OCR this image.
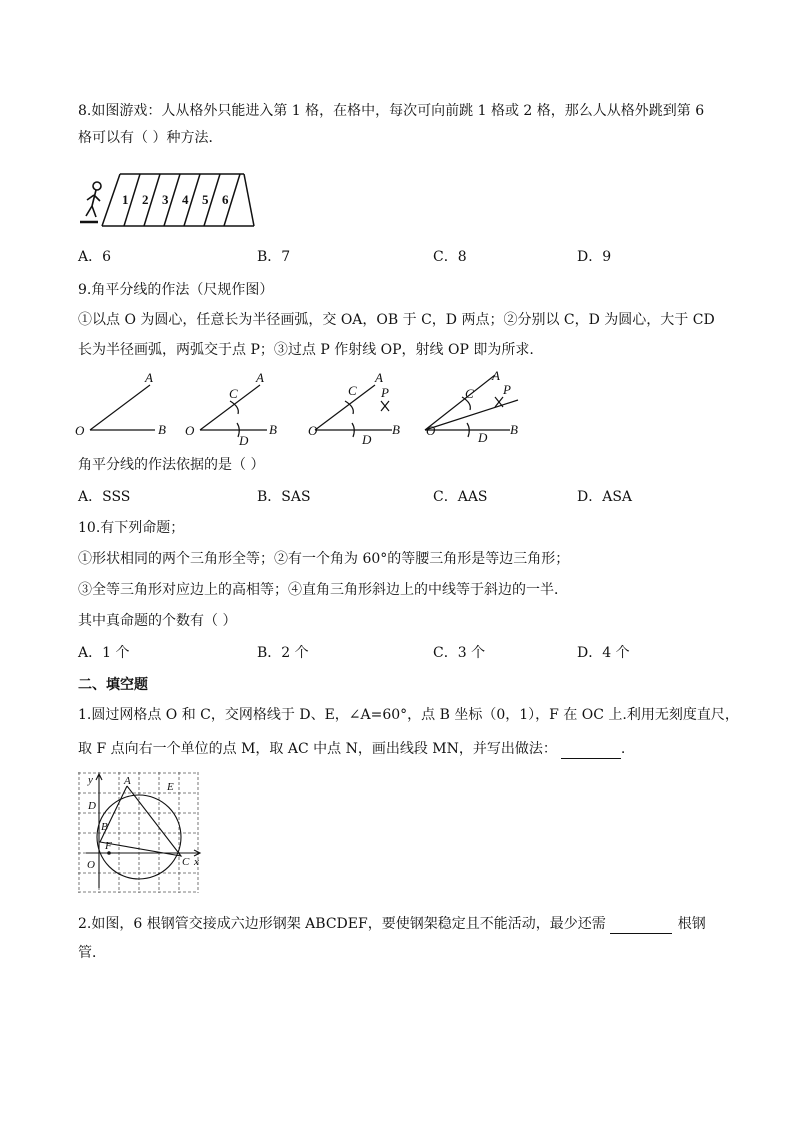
8.如图游戏：人从格外只能进入第 1 格，在格中，每次可向前跳 1 格或 2 格，那么人从格外跳到第 6
格可以有（ ）种方法．
1 2 3 4 5 6
A．6	B．7	C．8	D．9
9.角平分线的作法（尺规作图）
①以点 O 为圆心，任意长为半径画弧，交 OA，OB 于 C，D 两点；②分别以 C，D 为圆心，大于 CD
长为半径画弧，两弧交于点 P；③过点 P 作射线 OP，射线 OP 即为所求.
O
A
B O
A
B
C
D
O
A
B
C P
D
O
A
B
C P
D
角平分线的作法依据的是（ ）
A．SSS	B．SAS	C．AAS	D．ASA
10.有下列命题；
①形状相同的两个三角形全等；②有一个角为 60°的等腰三角形是等边三角形；
③全等三角形对应边上的高相等；④直角三角形斜边上的中线等于斜边的一半．
其中真命题的个数有（ ）
A．1 个	B．2 个	C．3 个	D．4 个
二、填空题
1.圆过网格点 O 和 C，交网格线于 D、E，∠A=60°，点 B 坐标（0，1），F 在 OC 上.利用无刻度直尺，
取 F 点向右一个单位的点 M，取 AC 中点 N，画出线段 MN，并写出做法：	.
y	A	E
D
B
F
O	C x
2.如图，6 根钢管交接成六边形钢架 ABCDEF，要使钢架稳定且不能活动，最少还需	根钢
管．
